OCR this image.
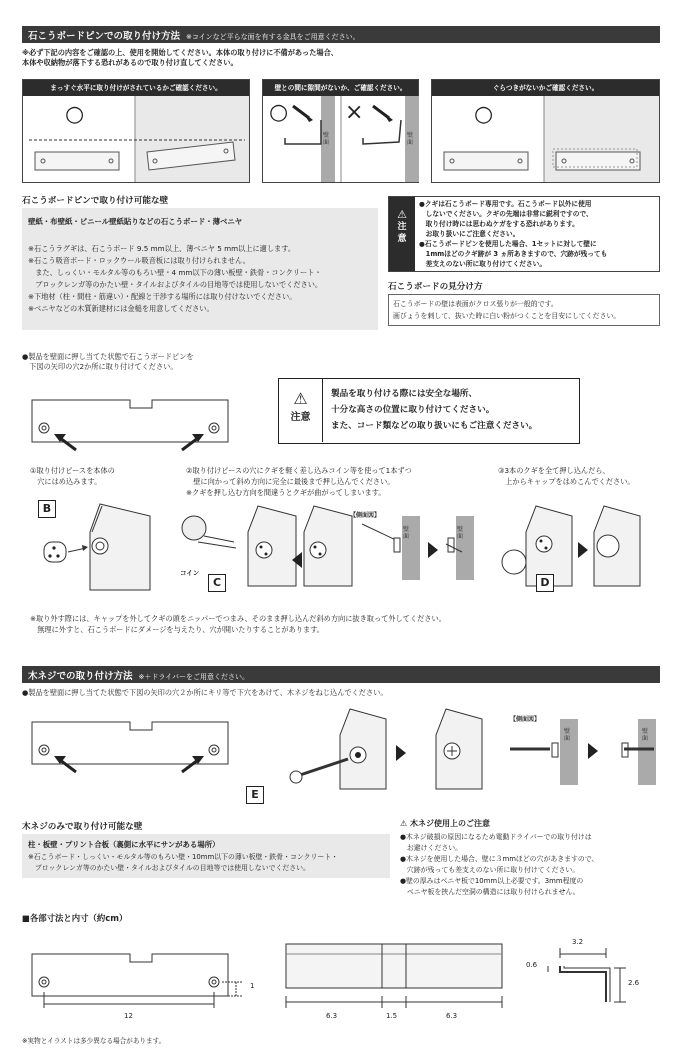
石こうボードピンでの取り付け方法 ※コインなど平らな面を有する金具をご用意ください。
※必ず下記の内容をご確認の上、使用を開始してください。本体の取り付けに不備があった場合、
本体や収納物が落下する恐れがあるので取り付け直してください。
まっすぐ水平に取り付けがされているかご確認ください。
○
壁との間に隙間がないか、ご確認ください。
○	×
壁面
壁面
ぐらつきがないかご確認ください。
○
石こうボードピンで取り付け可能な壁
壁紙・布壁紙・ビニール壁紙貼りなどの石こうボード・薄ベニヤ
※石こうラグギは、石こうボード 9.5 mm以上、薄ベニヤ 5 mm以上に適します。
※石こう吸音ボード・ロックウール吸音板には取り付けられません。
　また、しっくい・モルタル等のもろい壁・4 mm以下の薄い板壁・鉄骨・コンクリート・
　ブロックレンガ等のかたい壁・タイルおよびタイルの目地等では使用しないでください。
※下地材（柱・間柱・筋違い）・配線と干渉する場所には取り付けないでください。
※ベニヤなどの木質新建材には金槌を用意してください。
⚠
注意
●クギは石こうボード専用です。石こうボード以外に使用
　しないでください。クギの先端は非常に鋭利ですので、
　取り付け時には思わぬケガをする恐れがあります。
　お取り扱いにご注意ください。
●石こうボードピンを使用した場合、1セットに対して壁に
　1mmほどのクギ跡が 3 ヵ所あきますので、穴跡が残っても
　差支えのない所に取り付けてください。
石こうボードの見分け方
石こうボードの壁は表面がクロス張りが一般的です。
画びょうを刺して、抜いた時に白い粉がつくことを目安にしてください。
●製品を壁面に押し当てた状態で石こうボードピンを
　下図の矢印の穴2か所に取り付けてください。
⚠
注意
製品を取り付ける際には安全な場所、
十分な高さの位置に取り付けてください。
また、コード類などの取り扱いにもご注意ください。
①取り付けピースを本体の
　穴にはめ込みます。
②取り付けピースの穴にクギを軽く差し込みコイン等を使って1本ずつ
　壁に向かって斜め方向に完全に最後まで押し込んでください。
※クギを押し込む方向を間違うとクギが曲がってしまいます。
③3本のクギを全て押し込んだら、
　上からキャップをはめこんでください。
B
コイン
C
【側面図】
壁面
壁面
D
※取り外す際には、キャップを外してクギの頭をニッパーでつまみ、そのまま押し込んだ斜め方向に抜き取って外してください。
　無理に外すと、石こうボードにダメージを与えたり、穴が開いたりすることがあります。
木ネジでの取り付け方法 ※＋ドライバーをご用意ください。
●製品を壁面に押し当てた状態で下図の矢印の穴２か所にキリ等で下穴をあけて、木ネジをねじ込んでください。
E
【側面図】
壁面
壁面
木ネジのみで取り付け可能な壁
柱・板壁・プリント合板（裏側に水平にサンがある場所）
※石こうボード・しっくい・モルタル等のもろい壁・10mm以下の薄い板壁・鉄骨・コンクリート・
　ブロックレンガ等のかたい壁・タイルおよびタイルの目地等では使用しないでください。
⚠ 木ネジ使用上のご注意
●木ネジ破損の原因になるため電動ドライバーでの取り付けは
　お避けください。
●木ネジを使用した場合、壁に３mmほどの穴があきますので、
　穴跡が残っても差支えのない所に取り付けてください。
●壁の厚みはベニヤ板で10mm以上必要です。3mm程度の
　ベニヤ板を挟んだ空洞の構造には取り付けられません。
■各部寸法と内寸（約cm）
12
1
6.3	1.5	6.3
3.2
0.6
2.6
※実物とイラストは多少異なる場合があります。
